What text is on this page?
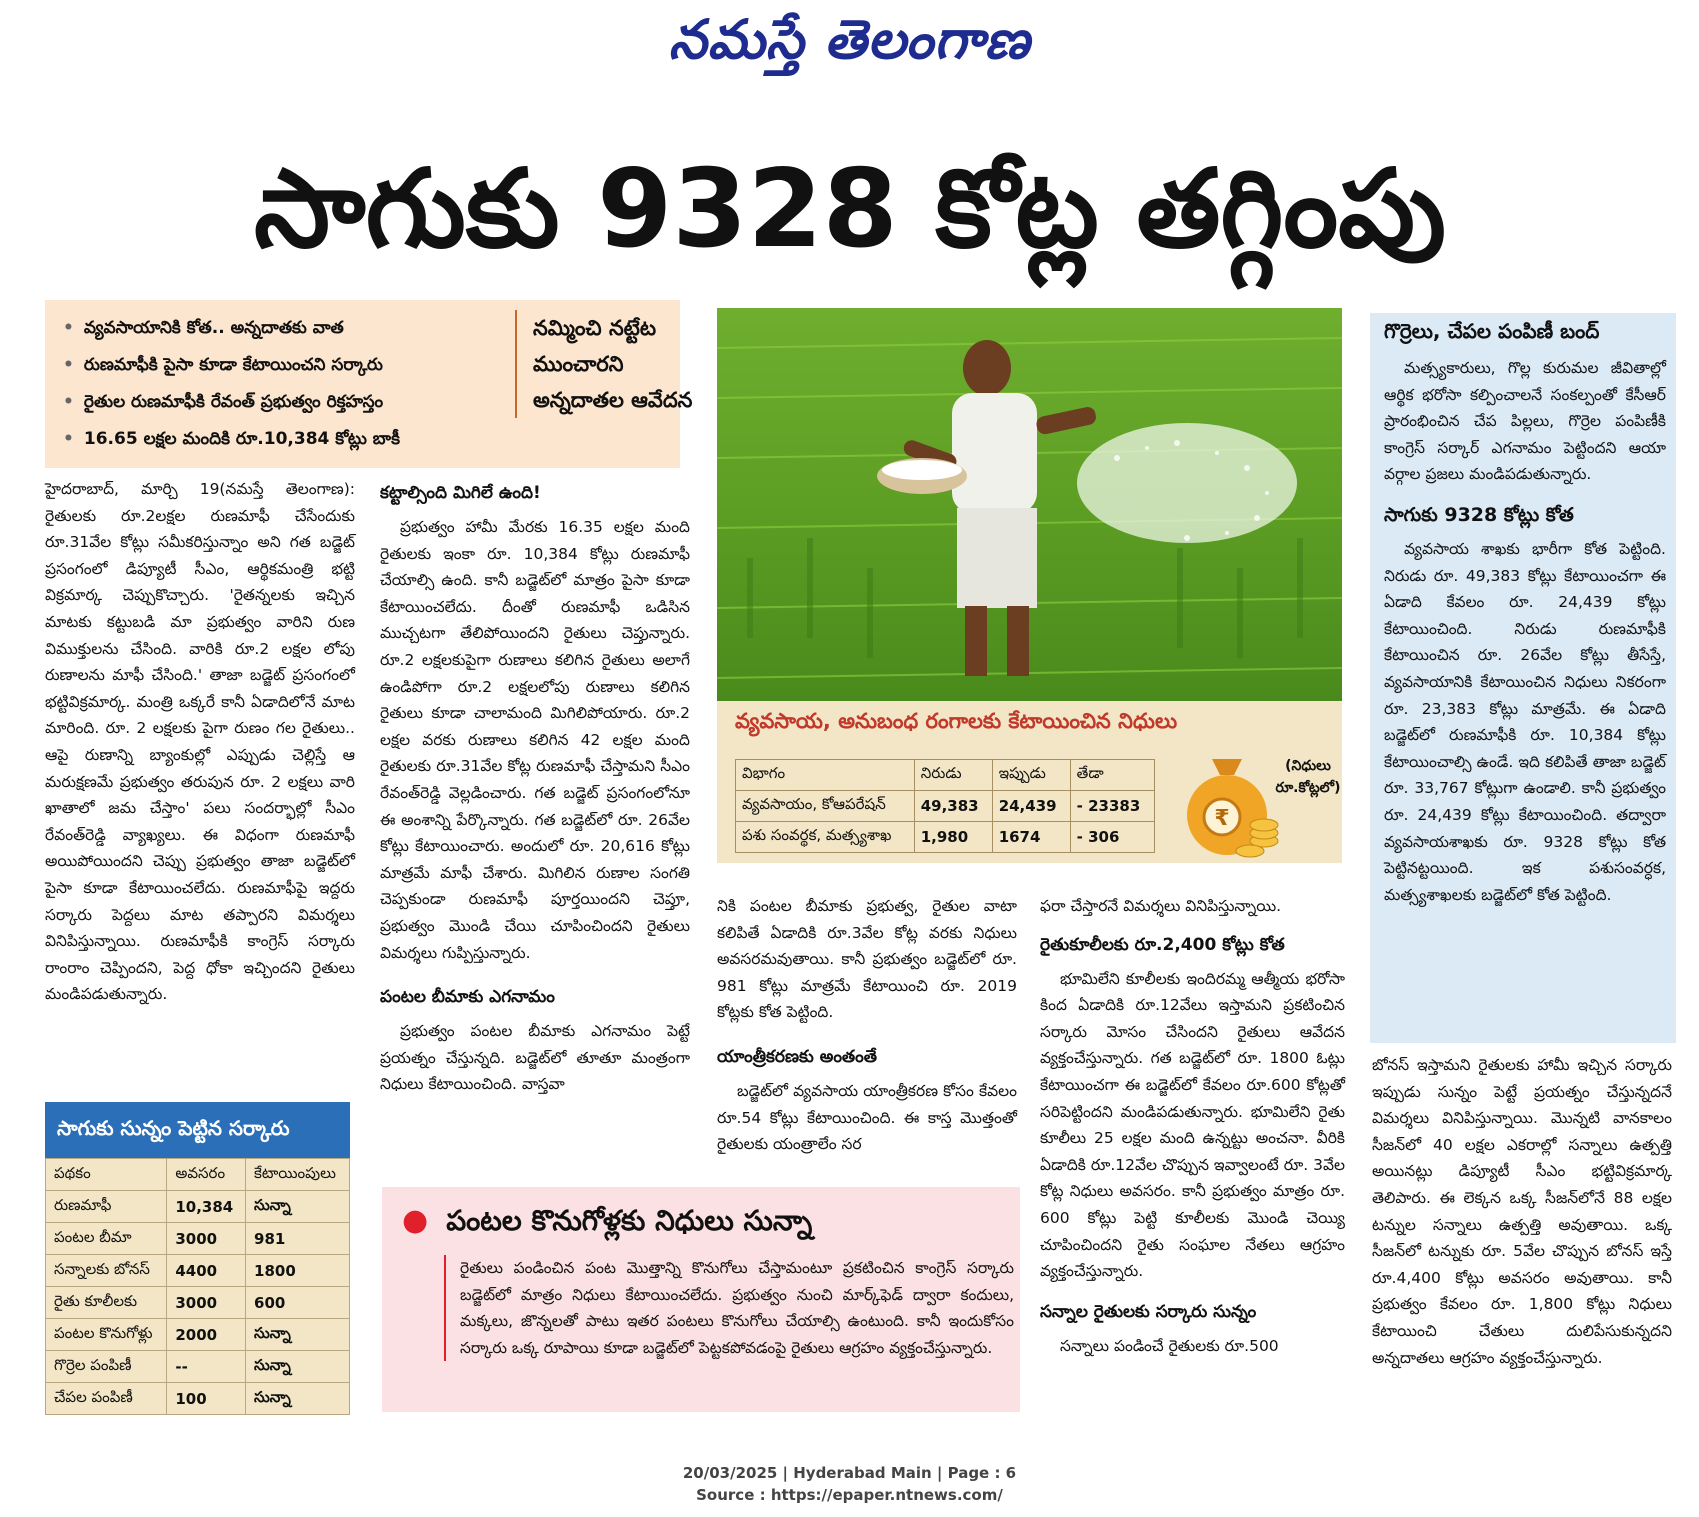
నమస్తే తెలంగాణ
సాగుకు 9328 కోట్ల తగ్గింపు
• వ్యవసాయానికి కోత.. అన్నదాతకు వాత
• రుణమాఫీకి పైసా కూడా కేటాయించని సర్కారు
• రైతుల రుణమాఫీకి రేవంత్ ప్రభుత్వం రిక్తహస్తం
• 16.65 లక్షల మందికి రూ.10,384 కోట్లు బాకీ
నమ్మించి నట్టేట ముంచారని అన్నదాతల ఆవేదన

హైదరాబాద్, మార్చి 19(నమస్తే తెలంగాణ): రైతులకు రూ.2లక్షల రుణమాఫీ చేసేందుకు రూ.31వేల కోట్లు సమీకరిస్తున్నాం అని గత బడ్జెట్ ప్రసంగంలో డిప్యూటీ సీఎం, ఆర్థికమంత్రి భట్టి విక్రమార్క చెప్పుకొచ్చారు. 'రైతన్నలకు ఇచ్చిన మాటకు కట్టుబడి మా ప్రభుత్వం వారిని రుణ విముక్తులను చేసింది. వారికి రూ.2 లక్షల లోపు రుణాలను మాఫీ చేసింది.' తాజా బడ్జెట్ ప్రసంగంలో భట్టివిక్రమార్క. మంత్రి ఒక్కరే కానీ ఏడాదిలోనే మాట మారింది. రూ. 2 లక్షలకు పైగా రుణం గల రైతులు.. ఆపై రుణాన్ని బ్యాంకుల్లో ఎప్పుడు చెల్లిస్తే ఆ మరుక్షణమే ప్రభుత్వం తరుపున రూ. 2 లక్షలు వారి ఖాతాలో జమ చేస్తాం' పలు సందర్భాల్లో సీఎం రేవంత్‌రెడ్డి వ్యాఖ్యలు. ఈ విధంగా రుణమాఫీ అయిపోయిందని చెప్పు ప్రభుత్వం తాజా బడ్జెట్‌లో పైసా కూడా కేటాయించలేదు. రుణమాఫీపై ఇద్దరు సర్కారు పెద్దలు మాట తప్పారని విమర్శలు వినిపిస్తున్నాయి. రుణమాఫీకి కాంగ్రెస్ సర్కారు రాంరాం చెప్పిందని, పెద్ద ధోకా ఇచ్చిందని రైతులు మండిపడుతున్నారు.

కట్టాల్సింది మిగిలే ఉంది!

ప్రభుత్వం హామీ మేరకు 16.35 లక్షల మంది రైతులకు ఇంకా రూ. 10,384 కోట్లు రుణమాఫీ చేయాల్సి ఉంది. కానీ బడ్జెట్‌లో మాత్రం పైసా కూడా కేటాయించలేదు. దీంతో రుణమాఫీ ఒడిసిన ముచ్చటగా తేలిపోయిందని రైతులు చెప్తున్నారు. రూ.2 లక్షలకుపైగా రుణాలు కలిగిన రైతులు అలాగే ఉండిపోగా రూ.2 లక్షలలోపు రుణాలు కలిగిన రైతులు కూడా చాలామంది మిగిలిపోయారు. రూ.2 లక్షల వరకు రుణాలు కలిగిన 42 లక్షల మంది రైతులకు రూ.31వేల కోట్ల రుణమాఫీ చేస్తామని సీఎం రేవంత్‌రెడ్డి వెల్లడించారు. గత బడ్జెట్ ప్రసంగంలోనూ ఈ అంశాన్ని పేర్కొన్నారు. గత బడ్జెట్‌లో రూ. 26వేల కోట్లు కేటాయించారు. అందులో రూ. 20,616 కోట్లు మాత్రమే మాఫీ చేశారు. మిగిలిన రుణాల సంగతి చెప్పకుండా రుణమాఫీ పూర్తయిందని చెప్తూ, ప్రభుత్వం మొండి చేయి చూపించిందని రైతులు విమర్శలు గుప్పిస్తున్నారు.

పంటల బీమాకు ఎగనామం

ప్రభుత్వం పంటల బీమాకు ఎగనామం పెట్టే ప్రయత్నం చేస్తున్నది. బడ్జెట్‌లో తూతూ మంత్రంగా నిధులు కేటాయించింది. వాస్తవా

వ్యవసాయ, అనుబంధ రంగాలకు కేటాయించిన నిధులు
విభాగం	నిరుడు	ఇప్పుడు	తేడా
వ్యవసాయం, కోఆపరేషన్	49,383	24,439	- 23383
పశు సంవర్థక, మత్స్యశాఖ	1,980	1674	- 306
₹
(నిధులు రూ.కోట్లలో)

నికి పంటల బీమాకు ప్రభుత్వ, రైతుల వాటా కలిపితే ఏడాదికి రూ.3వేల కోట్ల వరకు నిధులు అవసరమవుతాయి. కానీ ప్రభుత్వం బడ్జెట్‌లో రూ. 981 కోట్లు మాత్రమే కేటాయించి రూ. 2019 కోట్లకు కోత పెట్టింది.

యాంత్రీకరణకు అంతంతే

బడ్జెట్‌లో వ్యవసాయ యాంత్రీకరణ కోసం కేవలం రూ.54 కోట్లు కేటాయించింది. ఈ కాస్త మొత్తంతో రైతులకు యంత్రాలేం సర

ఫరా చేస్తారనే విమర్శలు వినిపిస్తున్నాయి.

రైతుకూలీలకు రూ.2,400 కోట్లు కోత

భూమిలేని కూలీలకు ఇందిరమ్మ ఆత్మీయ భరోసా కింద ఏడాదికి రూ.12వేలు ఇస్తామని ప్రకటించిన సర్కారు మోసం చేసిందని రైతులు ఆవేదన వ్యక్తంచేస్తున్నారు. గత బడ్జెట్‌లో రూ. 1800 ఓట్లు కేటాయించగా ఈ బడ్జెట్‌లో కేవలం రూ.600 కోట్లతో సరిపెట్టిందని మండిపడుతున్నారు. భూమిలేని రైతు కూలీలు 25 లక్షల మంది ఉన్నట్టు అంచనా. వీరికి ఏడాదికి రూ.12వేల చొప్పున ఇవ్వాలంటే రూ. 3వేల కోట్ల నిధులు అవసరం. కానీ ప్రభుత్వం మాత్రం రూ. 600 కోట్లు పెట్టి కూలీలకు మొండి చెయ్యి చూపించిందని రైతు సంఘాల నేతలు ఆగ్రహం వ్యక్తంచేస్తున్నారు.

సన్నాల రైతులకు సర్కారు సున్నం

సన్నాలు పండించే రైతులకు రూ.500

గొర్రెలు, చేపల పంపిణీ బంద్

మత్స్యకారులు, గొల్ల కురుమల జీవితాల్లో ఆర్థిక భరోసా కల్పించాలనే సంకల్పంతో కేసీఆర్ ప్రారంభించిన చేప పిల్లలు, గొర్రెల పంపిణీకి కాంగ్రెస్ సర్కార్ ఎగనామం పెట్టిందని ఆయా వర్గాల ప్రజలు మండిపడుతున్నారు.

సాగుకు 9328 కోట్లు కోత

వ్యవసాయ శాఖకు భారీగా కోత పెట్టింది. నిరుడు రూ. 49,383 కోట్లు కేటాయించగా ఈ ఏడాది కేవలం రూ. 24,439 కోట్లు కేటాయించింది. నిరుడు రుణమాఫీకి కేటాయించిన రూ. 26వేల కోట్లు తీసేస్తే, వ్యవసాయానికి కేటాయించిన నిధులు నికరంగా రూ. 23,383 కోట్లు మాత్రమే. ఈ ఏడాది బడ్జెట్‌లో రుణమాఫీకి రూ. 10,384 కోట్లు కేటాయించాల్సి ఉండే. ఇది కలిపితే తాజా బడ్జెట్ రూ. 33,767 కోట్లుగా ఉండాలి. కానీ ప్రభుత్వం రూ. 24,439 కోట్లు కేటాయించింది. తద్వారా వ్యవసాయశాఖకు రూ. 9328 కోట్లు కోత పెట్టినట్టయింది. ఇక పశుసంవర్ధక, మత్స్యశాఖలకు బడ్జెట్‌లో కోత పెట్టింది.

బోనస్ ఇస్తామని రైతులకు హామీ ఇచ్చిన సర్కారు ఇప్పుడు సున్నం పెట్టే ప్రయత్నం చేస్తున్నదనే విమర్శలు వినిపిస్తున్నాయి. మొన్నటి వానకాలం సీజన్‌లో 40 లక్షల ఎకరాల్లో సన్నాలు ఉత్పత్తి అయినట్లు డిప్యూటీ సీఎం భట్టివిక్రమార్క తెలిపారు. ఈ లెక్కన ఒక్క సీజన్‌లోనే 88 లక్షల టన్నుల సన్నాలు ఉత్పత్తి అవుతాయి. ఒక్క సీజన్‌లో టన్నుకు రూ. 5వేల చొప్పున బోనస్ ఇస్తే రూ.4,400 కోట్లు అవసరం అవుతాయి. కానీ ప్రభుత్వం కేవలం రూ. 1,800 కోట్లు నిధులు కేటాయించి చేతులు దులిపేసుకున్నదని అన్నదాతలు ఆగ్రహం వ్యక్తంచేస్తున్నారు.

సాగుకు సున్నం పెట్టిన సర్కారు
పథకం	అవసరం	కేటాయింపులు
రుణమాఫీ	10,384	సున్నా
పంటల బీమా	3000	981
సన్నాలకు బోనస్	4400	1800
రైతు కూలీలకు	3000	600
పంటల కొనుగోళ్లు	2000	సున్నా
గొర్రెల పంపిణీ	--	సున్నా
చేపల పంపిణీ	100	సున్నా
● పంటల కొనుగోళ్లకు నిధులు సున్నా
రైతులు పండించిన పంట మొత్తాన్ని కొనుగోలు చేస్తామంటూ ప్రకటించిన కాంగ్రెస్ సర్కారు బడ్జెట్‌లో మాత్రం నిధులు కేటాయించలేదు. ప్రభుత్వం నుంచి మార్క్‌ఫెడ్ ద్వారా కందులు, మక్కలు, జొన్నలతో పాటు ఇతర పంటలు కొనుగోలు చేయాల్సి ఉంటుంది. కానీ ఇందుకోసం సర్కారు ఒక్క రూపాయి కూడా బడ్జెట్‌లో పెట్టకపోవడంపై రైతులు ఆగ్రహం వ్యక్తంచేస్తున్నారు.
20/03/2025 | Hyderabad Main | Page : 6
Source : https://epaper.ntnews.com/
